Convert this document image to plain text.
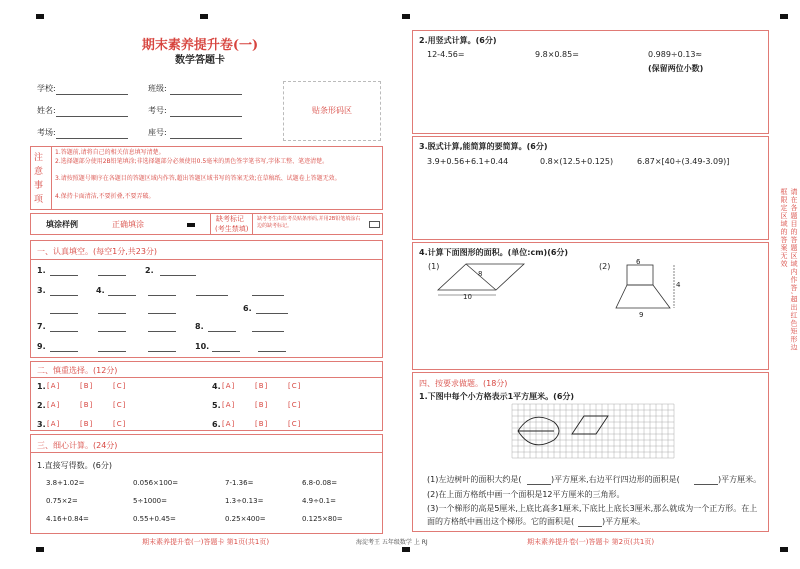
期末素养提升卷(一)
数学答题卡
学校:	班级:
姓名:	考号:
考场:	座号:
贴条形码区
注
意
事
项
1.答题前,请将自己的相关信息填写清楚。
2.选择题部分使用2B铅笔填涂;非选择题部分必须使用0.5毫米的黑色签字笔书写,字体工整、笔迹清楚。
3.请按照题号顺序在各题目的答题区域内作答,超出答题区域书写的答案无效;在草稿纸、试题卷上答题无效。
4.保持卡面清洁,不要折叠,不要弄破。
填涂样例	正确填涂
缺考标记
(考生禁填)
缺考考生由监考员贴条形码,并用2B铅笔填涂右边的缺考标记。
一、认真填空。(每空1分,共23分)
1.	2.
3.	4.
6.
7.	8.
9.	10.
二、慎重选择。(12分)
1. [A]	[B]	[C]	4. [A]	[B]	[C]
2. [A]	[B]	[C]	5. [A]	[B]	[C]
3. [A]	[B]	[C]	6. [A]	[B]	[C]
三、细心计算。(24分)
1.直接写得数。(6分)
3.8+1.02=	0.056×100=	7-1.36=	6.8-0.08=
0.75×2=	5÷1000=	1.3÷0.13=	4.9÷0.1=
4.16+0.84=	0.55+0.45=	0.25×400=	0.125×80=
期末素养提升卷(一)答题卡 第1页(共1页)	海淀考王 五年级数学 上 RJ	期末素养提升卷(一)答题卡 第2页(共1页)
2.用竖式计算。(6分)
12-4.56=	9.8×0.85=	0.989÷0.13≈
(保留两位小数)
3.脱式计算,能简算的要简算。(6分)
3.9+0.56+6.1+0.44	0.8×(12.5+0.125)	6.87×[40÷(3.49-3.09)]
4.计算下面图形的面积。(单位:cm)(6分)
(1)	(2)
8
10
6
4
9
四、按要求做题。(18分)
1.下图中每个小方格表示1平方厘米。(6分)
(1)左边树叶的面积大约是(	)平方厘米,右边平行四边形的面积是(	)平方厘米。
(2)在上面方格纸中画一个面积是12平方厘米的三角形。
(3)一个梯形的高是5厘米,上底比高多1厘米,下底比上底长3厘米,那么就成为一个正方形。在上
面的方格纸中画出这个梯形。它的面积是(	)平方厘米。
请在各题目的答题区域内作答,超出红色矩形边框限定区域的答案无效
